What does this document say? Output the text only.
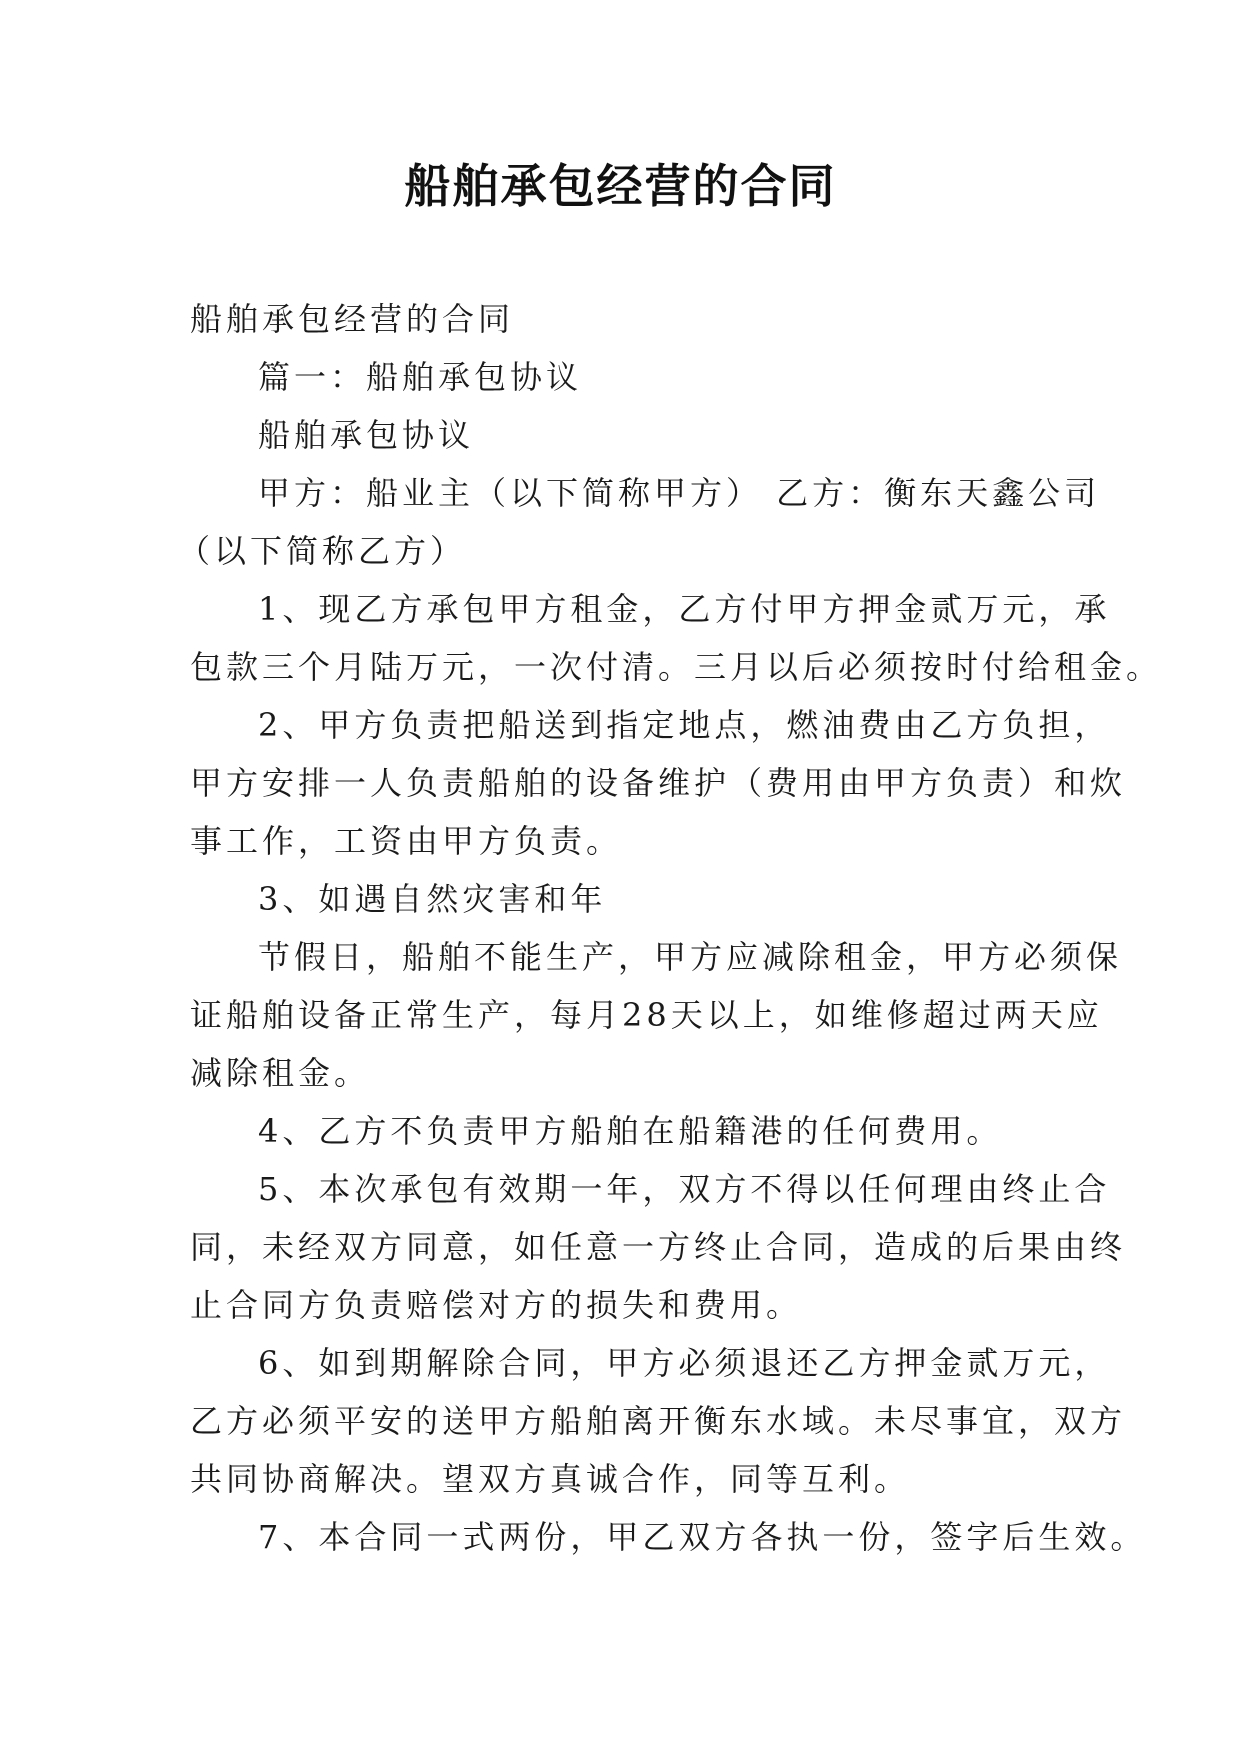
船舶承包经营的合同

船舶承包经营的合同

篇一：船舶承包协议

船舶承包协议

甲方：船业主（以下简称甲方） 乙方：衡东天鑫公司

（以下简称乙方）

1、现乙方承包甲方租金，乙方付甲方押金贰万元，承

包款三个月陆万元，一次付清。三月以后必须按时付给租金。

2、甲方负责把船送到指定地点，燃油费由乙方负担，

甲方安排一人负责船舶的设备维护（费用由甲方负责）和炊

事工作，工资由甲方负责。

3、如遇自然灾害和年

节假日，船舶不能生产，甲方应减除租金，甲方必须保

证船舶设备正常生产，每月28天以上，如维修超过两天应

减除租金。

4、乙方不负责甲方船舶在船籍港的任何费用。

5、本次承包有效期一年，双方不得以任何理由终止合

同，未经双方同意，如任意一方终止合同，造成的后果由终

止合同方负责赔偿对方的损失和费用。

6、如到期解除合同，甲方必须退还乙方押金贰万元，

乙方必须平安的送甲方船舶离开衡东水域。未尽事宜，双方

共同协商解决。望双方真诚合作，同等互利。

7、本合同一式两份，甲乙双方各执一份，签字后生效。
